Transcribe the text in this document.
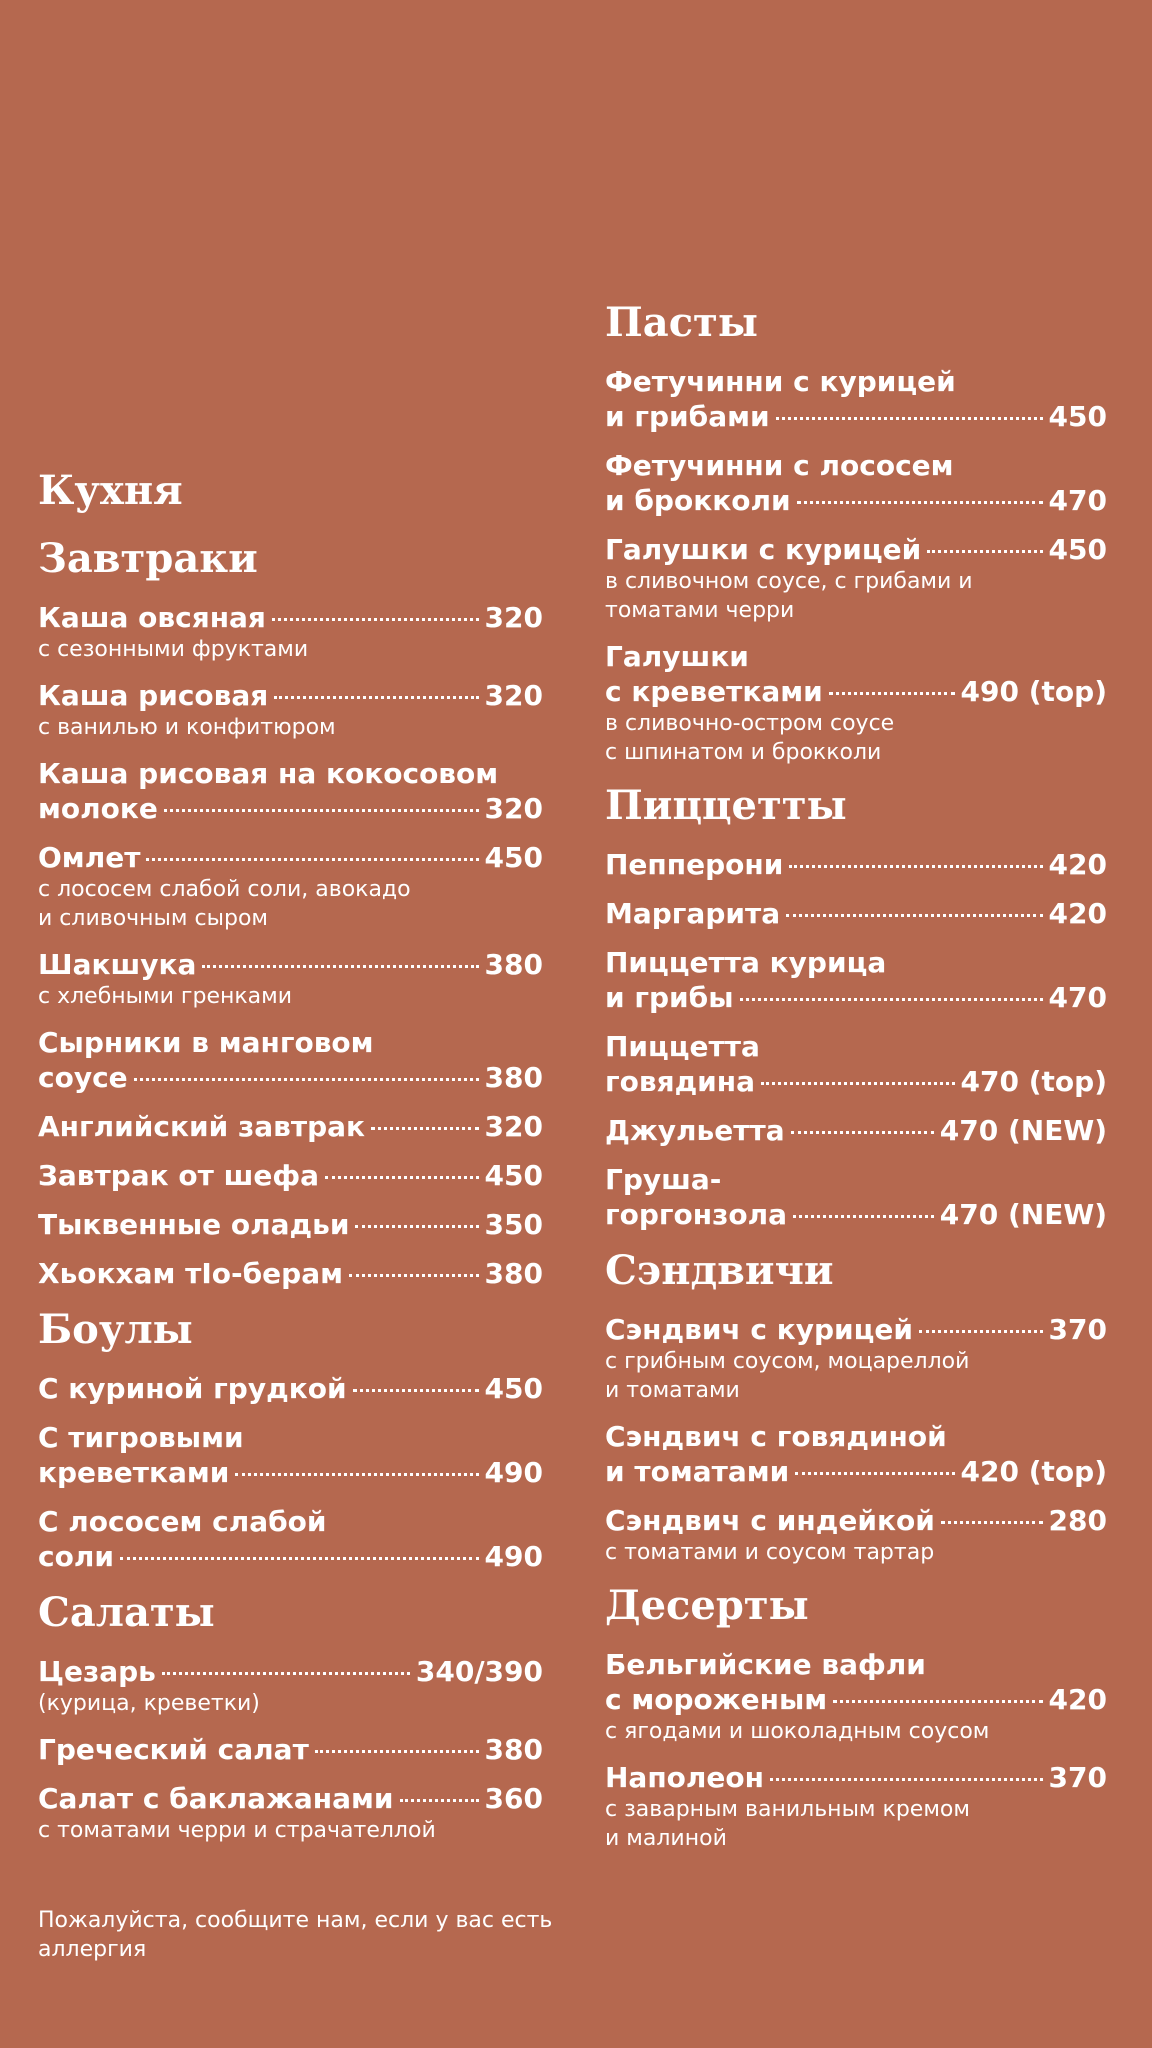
Кухня
Завтраки
Каша овсяная	320
с сезонными фруктами
Каша рисовая	320
с ванилью и конфитюром
Каша рисовая на кокосовом
молоке	320
Омлет	450
с лососем слабой соли, авокадо
и сливочным сыром
Шакшука	380
с хлебными гренками
Сырники в манговом
соусе	380
Английский завтрак	320
Завтрак от шефа	450
Тыквенные оладьи	350
Хьокхам тІо-берам	380
Боулы
С куриной грудкой	450
С тигровыми
креветками	490
С лососем слабой
соли	490
Салаты
Цезарь	340/390
(курица, креветки)
Греческий салат	380
Салат с баклажанами	360
с томатами черри и страчателлой
Пасты
Фетучинни с курицей
и грибами	450
Фетучинни с лососем
и брокколи	470
Галушки с курицей	450
в сливочном соусе, с грибами и
томатами черри
Галушки
с креветками	490 (top)
в сливочно-остром соусе
с шпинатом и брокколи
Пиццетты
Пепперони	420
Маргарита	420
Пиццетта курица
и грибы	470
Пиццетта
говядина	470 (top)
Джульетта	470 (NEW)
Груша-
горгонзола	470 (NEW)
Сэндвичи
Сэндвич с курицей	370
с грибным соусом, моцареллой
и томатами
Сэндвич с говядиной
и томатами	420 (top)
Сэндвич с индейкой	280
с томатами и соусом тартар
Десерты
Бельгийские вафли
с мороженым	420
с ягодами и шоколадным соусом
Наполеон	370
с заварным ванильным кремом
и малиной
Пожалуйста, сообщите нам, если у вас есть аллергия
